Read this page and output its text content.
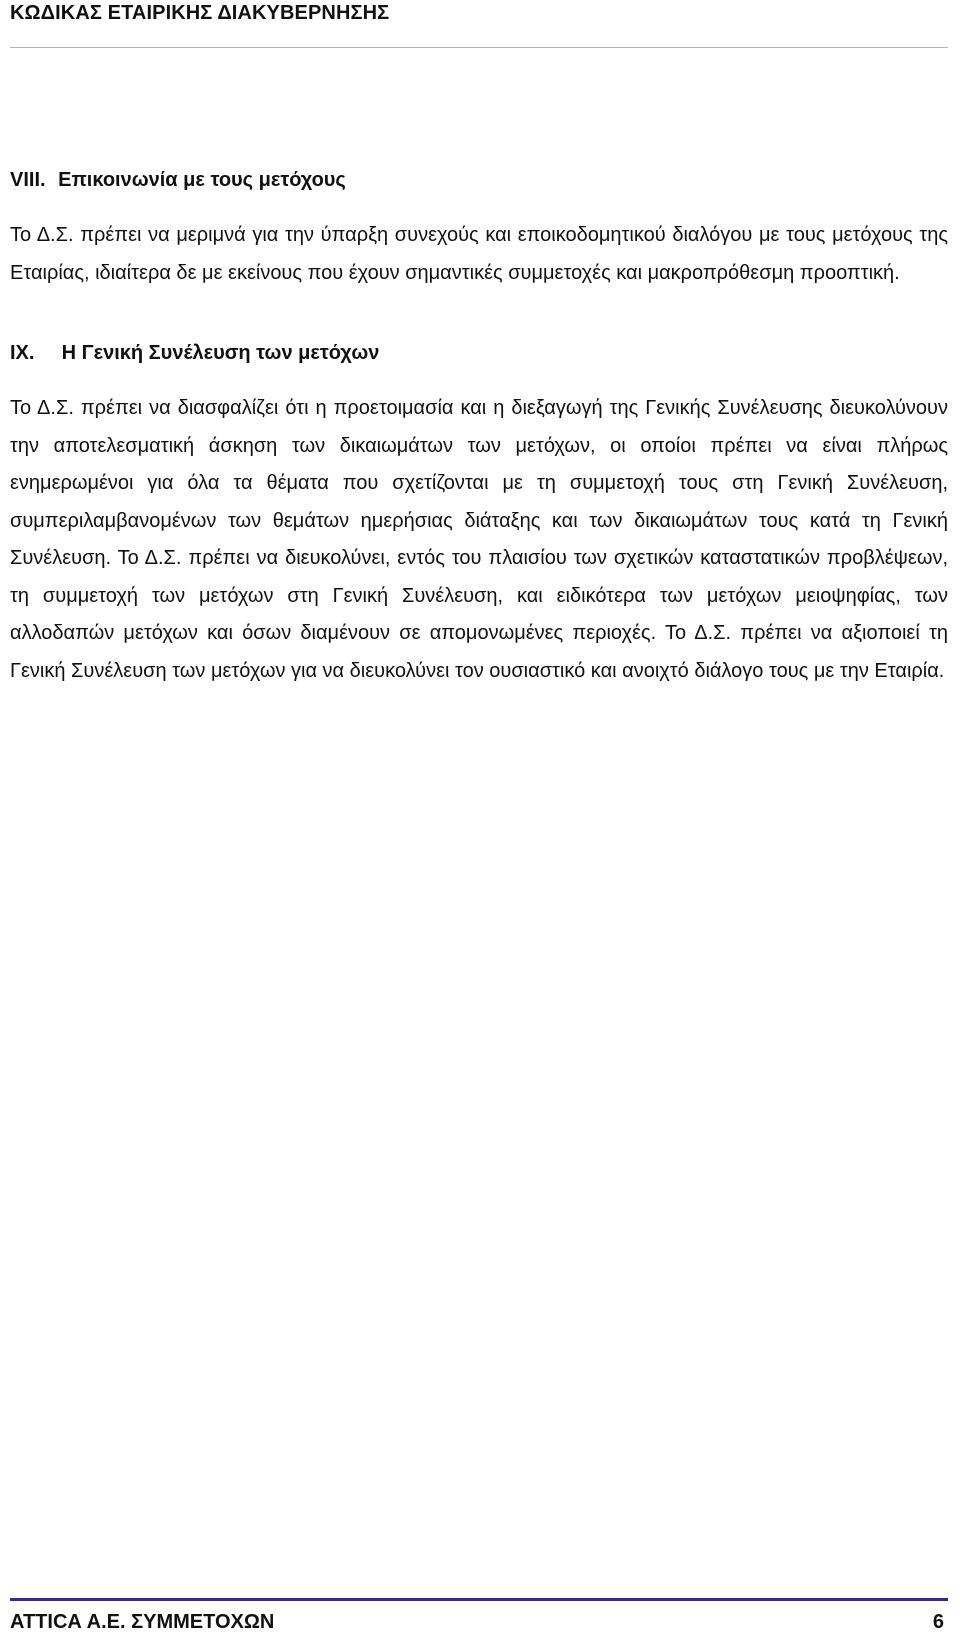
ΚΩΔΙΚΑΣ ΕΤΑΙΡΙΚΗΣ ΔΙΑΚΥΒΕΡΝΗΣΗΣ
VIII. Επικοινωνία με τους μετόχους

Το Δ.Σ. πρέπει να μεριμνά για την ύπαρξη συνεχούς και εποικοδομητικού διαλόγου με τους μετόχους της Εταιρίας, ιδιαίτερα δε με εκείνους που έχουν σημαντικές συμμετοχές και μακροπρόθεσμη προοπτική.

IX. Η Γενική Συνέλευση των μετόχων

Το Δ.Σ. πρέπει να διασφαλίζει ότι η προετοιμασία και η διεξαγωγή της Γενικής Συνέλευσης διευκολύνουν την αποτελεσματική άσκηση των δικαιωμάτων των μετόχων, οι οποίοι πρέπει να είναι πλήρως ενημερωμένοι για όλα τα θέματα που σχετίζονται με τη συμμετοχή τους στη Γενική Συνέλευση, συμπεριλαμβανομένων των θεμάτων ημερήσιας διάταξης και των δικαιωμάτων τους κατά τη Γενική Συνέλευση. Το Δ.Σ. πρέπει να διευκολύνει, εντός του πλαισίου των σχετικών καταστατικών προβλέψεων, τη συμμετοχή των μετόχων στη Γενική Συνέλευση, και ειδικότερα των μετόχων μειοψηφίας, των αλλοδαπών μετόχων και όσων διαμένουν σε απομονωμένες περιοχές. Το Δ.Σ. πρέπει να αξιοποιεί τη Γενική Συνέλευση των μετόχων για να διευκολύνει τον ουσιαστικό και ανοιχτό διάλογο τους με την Εταιρία.

ATTICA Α.Ε. ΣΥΜΜΕΤΟΧΩΝ	6
